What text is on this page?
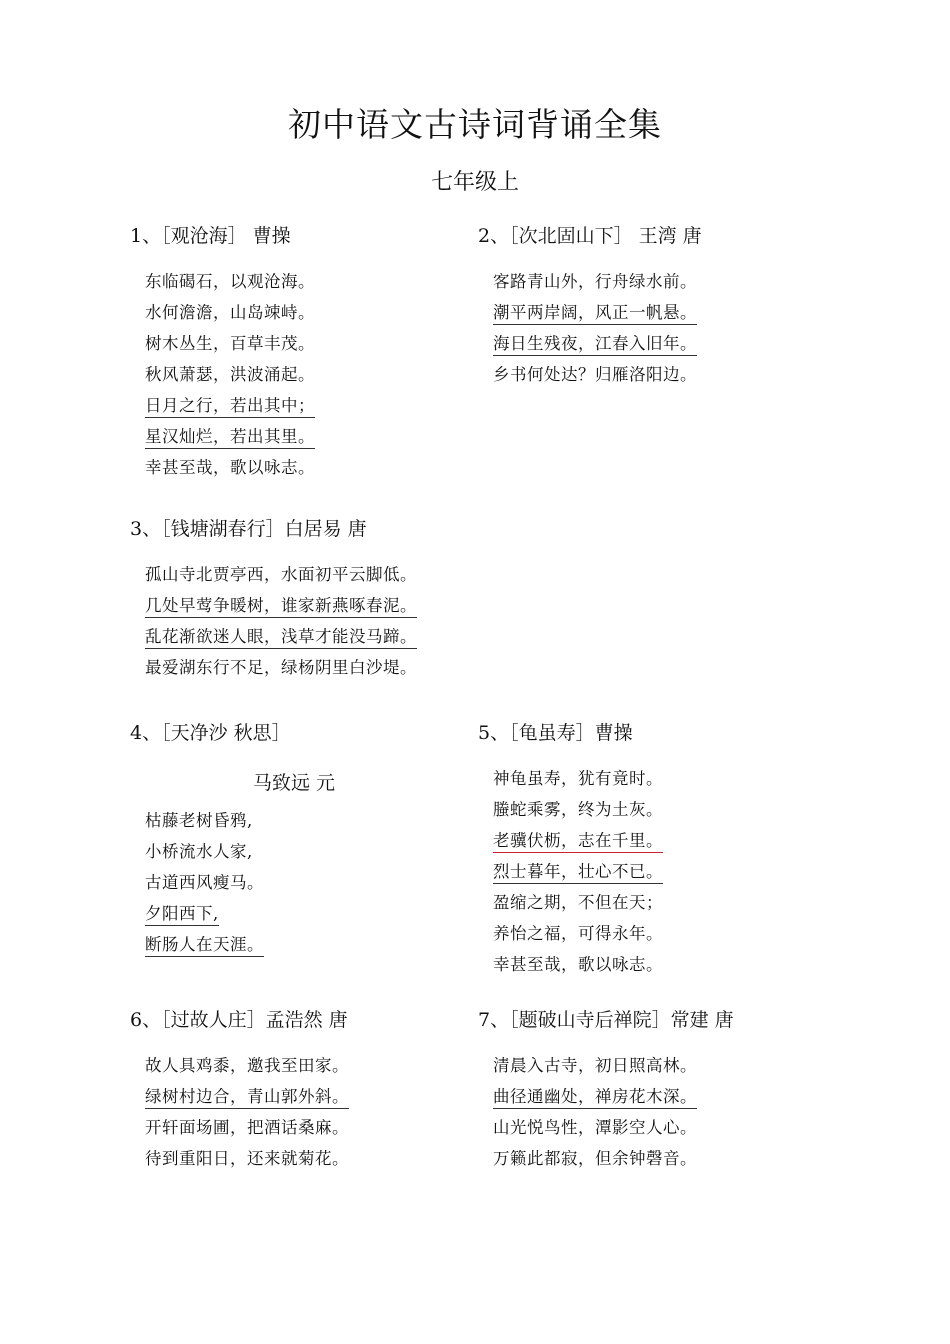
初中语文古诗词背诵全集
七年级上
1、［观沧海］ 曹操
东临碣石，以观沧海。
水何澹澹，山岛竦峙。
树木丛生，百草丰茂。
秋风萧瑟，洪波涌起。
日月之行，若出其中；
星汉灿烂，若出其里。
幸甚至哉，歌以咏志。
2、［次北固山下］ 王湾 唐
客路青山外，行舟绿水前。
潮平两岸阔，风正一帆悬。
海日生残夜，江春入旧年。
乡书何处达？归雁洛阳边。
3、［钱塘湖春行］白居易 唐
孤山寺北贾亭西，水面初平云脚低。
几处早莺争暖树，谁家新燕啄春泥。
乱花渐欲迷人眼，浅草才能没马蹄。
最爱湖东行不足，绿杨阴里白沙堤。
4、［天净沙 秋思］
马致远 元
枯藤老树昏鸦,
小桥流水人家,
古道西风瘦马。
夕阳西下,
断肠人在天涯。
5、［龟虽寿］曹操
神龟虽寿，犹有竟时。
螣蛇乘雾，终为土灰。
老骥伏枥，志在千里。
烈士暮年，壮心不已。
盈缩之期，不但在天；
养怡之福，可得永年。
幸甚至哉，歌以咏志。
6、［过故人庄］孟浩然 唐
故人具鸡黍，邀我至田家。
绿树村边合，青山郭外斜。
开轩面场圃，把酒话桑麻。
待到重阳日，还来就菊花。
7、［题破山寺后禅院］常建 唐
清晨入古寺，初日照高林。
曲径通幽处，禅房花木深。
山光悦鸟性，潭影空人心。
万籁此都寂，但余钟磬音。
